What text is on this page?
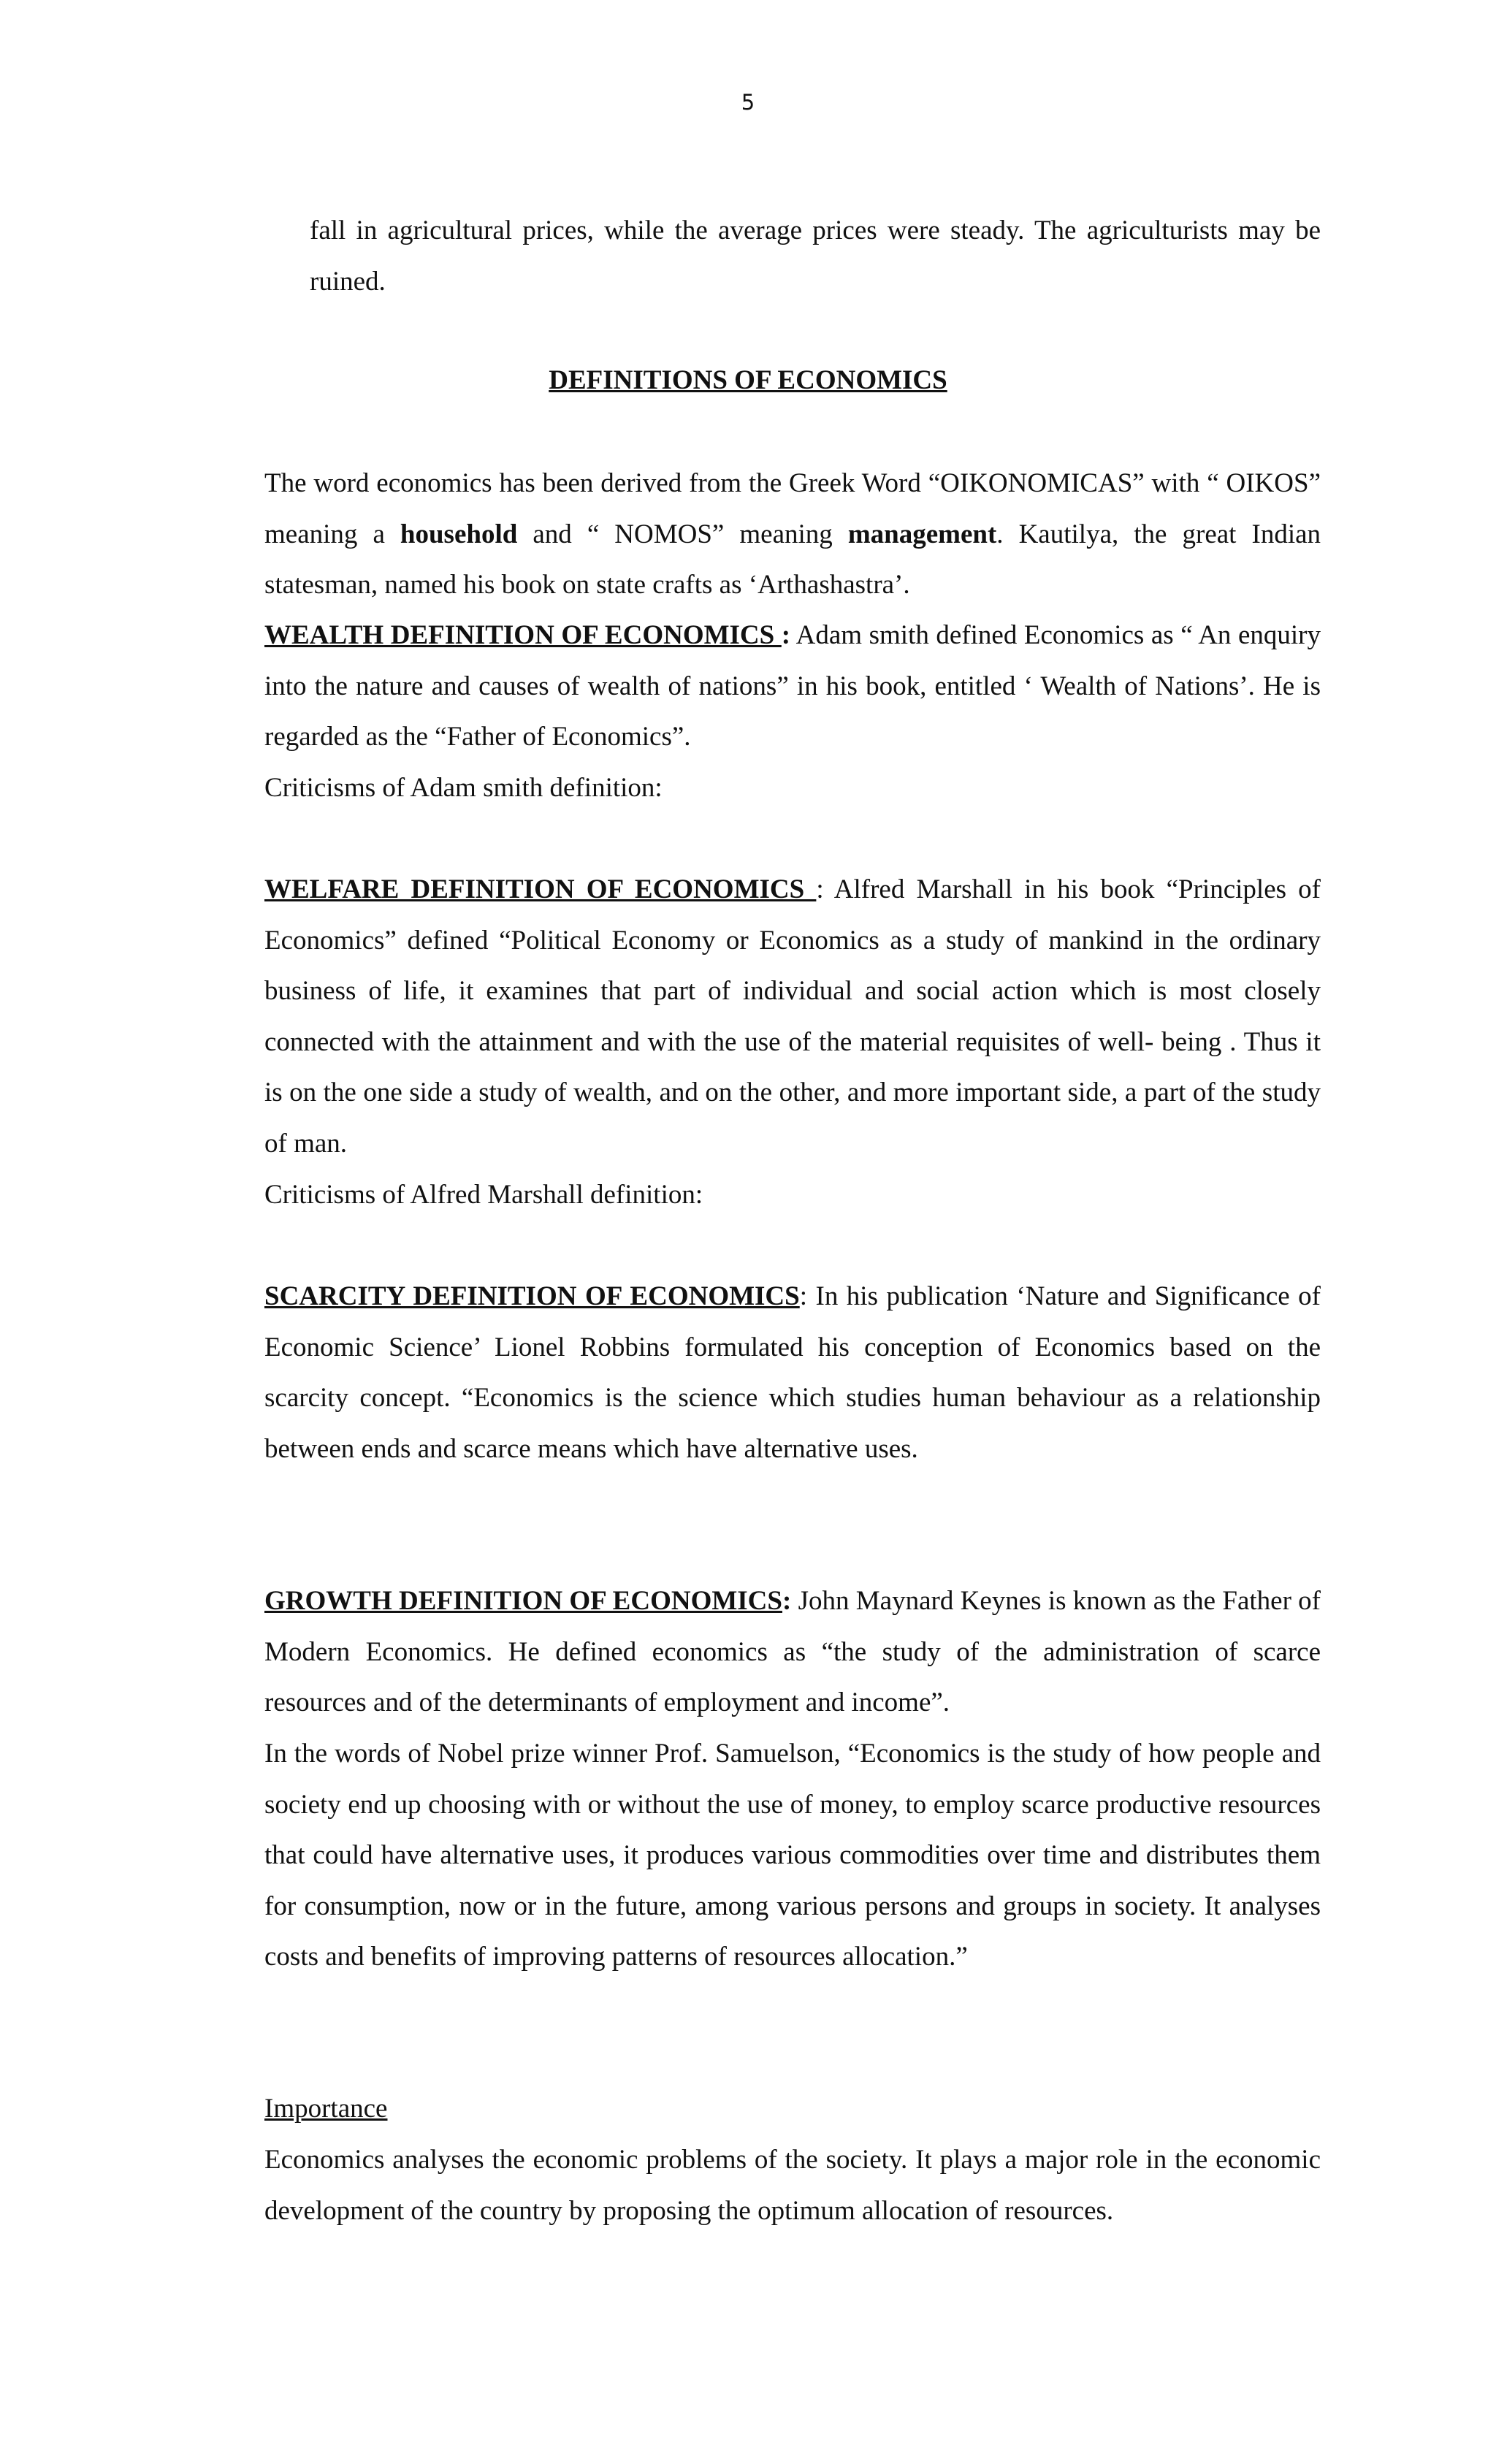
5

fall in agricultural prices, while the average prices were steady. The agriculturists may be ruined.

DEFINITIONS OF ECONOMICS

The word economics has been derived from the Greek Word “OIKONOMICAS” with “ OIKOS” meaning a household and “ NOMOS” meaning management. Kautilya, the great Indian statesman, named his book on state crafts as ‘Arthashastra’.

WEALTH DEFINITION OF ECONOMICS : Adam smith defined Economics as “ An enquiry into the nature and causes of wealth of nations” in his book, entitled ‘ Wealth of Nations’. He is regarded as the “Father of Economics”.

Criticisms of Adam smith definition:

WELFARE DEFINITION OF ECONOMICS : Alfred Marshall in his book “Principles of Economics” defined “Political Economy or Economics as a study of mankind in the ordinary business of life, it examines that part of individual and social action which is most closely connected with the attainment and with the use of the material requisites of well- being . Thus it is on the one side a study of wealth, and on the other, and more important side, a part of the study of man.

Criticisms of Alfred Marshall definition:

SCARCITY DEFINITION OF ECONOMICS: In his publication ‘Nature and Significance of Economic Science’ Lionel Robbins formulated his conception of Economics based on the scarcity concept. “Economics is the science which studies human behaviour as a relationship between ends and scarce means which have alternative uses.

GROWTH DEFINITION OF ECONOMICS: John Maynard Keynes is known as the Father of Modern Economics. He defined economics as “the study of the administration of scarce resources and of the determinants of employment and income”.

In the words of Nobel prize winner Prof. Samuelson, “Economics is the study of how people and society end up choosing with or without the use of money, to employ scarce productive resources that could have alternative uses, it produces various commodities over time and distributes them for consumption, now or in the future, among various persons and groups in society. It analyses costs and benefits of improving patterns of resources allocation.”

Importance

Economics analyses the economic problems of the society. It plays a major role in the economic development of the country by proposing the optimum allocation of resources.
